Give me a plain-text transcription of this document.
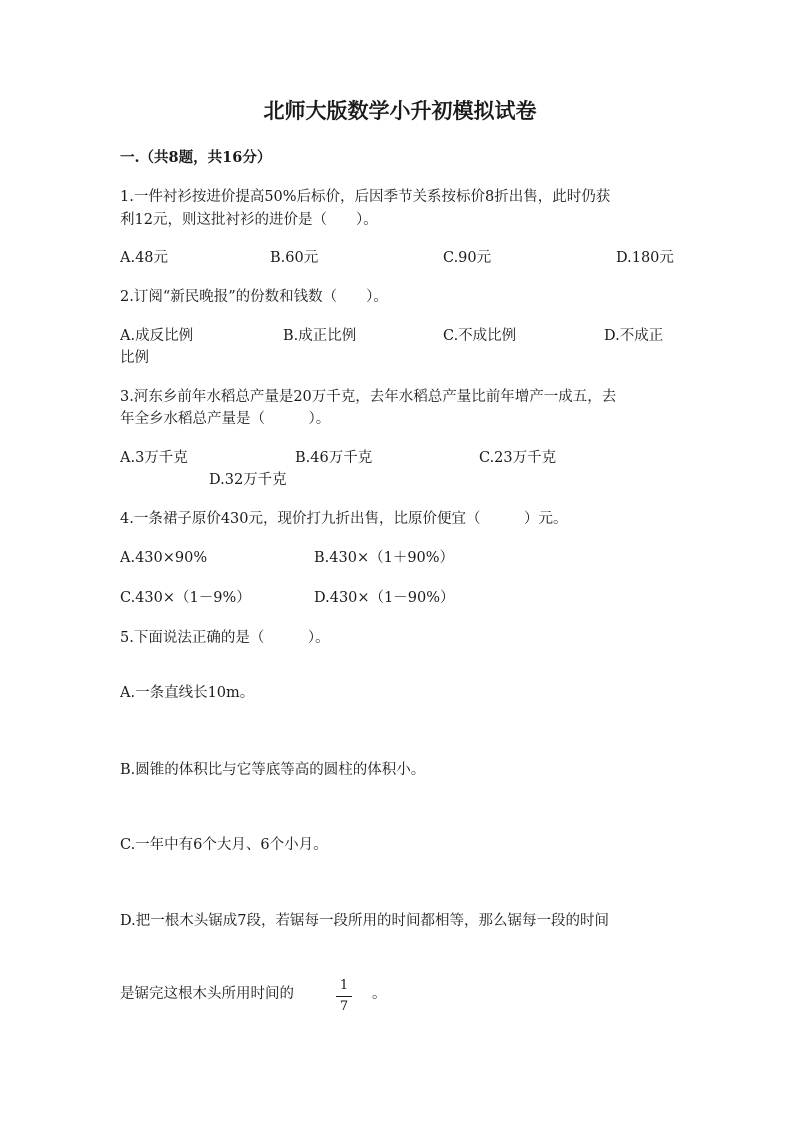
北师大版数学小升初模拟试卷
一.（共8题，共16分）
1.一件衬衫按进价提高50%后标价，后因季节关系按标价8折出售，此时仍获
利12元，则这批衬衫的进价是（　　）。
A.48元	B.60元	C.90元	D.180元
2.订阅“新民晚报”的份数和钱数（　　）。
A.成反比例	B.成正比例	C.不成比例	D.不成正
比例
3.河东乡前年水稻总产量是20万千克，去年水稻总产量比前年增产一成五，去
年全乡水稻总产量是（　　　）。
A.3万千克	B.46万千克	C.23万千克
D.32万千克
4.一条裙子原价430元，现价打九折出售，比原价便宜（　　　）元。
A.430×90%	B.430×（1＋90%）
C.430×（1－9%）	D.430×（1－90%）
5.下面说法正确的是（　　　）。
A.一条直线长10m。
B.圆锥的体积比与它等底等高的圆柱的体积小。
C.一年中有6个大月、6个小月。
D.把一根木头锯成7段，若锯每一段所用的时间都相等，那么锯每一段的时间
是锯完这根木头所用时间的
1
7
。
